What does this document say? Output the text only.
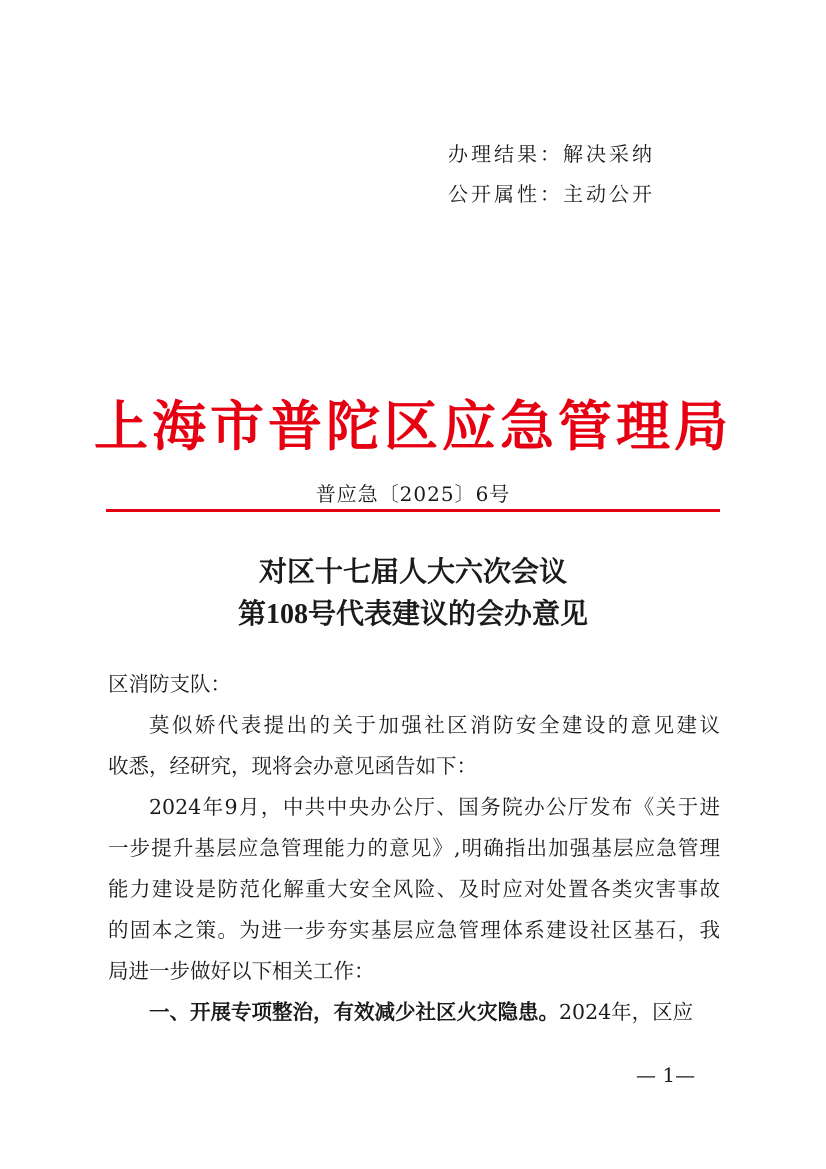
办理结果：解决采纳
公开属性：主动公开
上海市普陀区应急管理局
普应急〔2025〕6号
对区十七届人大六次会议
第108号代表建议的会办意见
区消防支队：
莫似娇代表提出的关于加强社区消防安全建设的意见建议
收悉，经研究，现将会办意见函告如下：
2024年9月，中共中央办公厅、国务院办公厅发布《关于进
一步提升基层应急管理能力的意见》,明确指出加强基层应急管理
能力建设是防范化解重大安全风险、及时应对处置各类灾害事故
的固本之策。为进一步夯实基层应急管理体系建设社区基石，我
局进一步做好以下相关工作：
一、开展专项整治，有效减少社区火灾隐患。2024年，区应
— 1—
